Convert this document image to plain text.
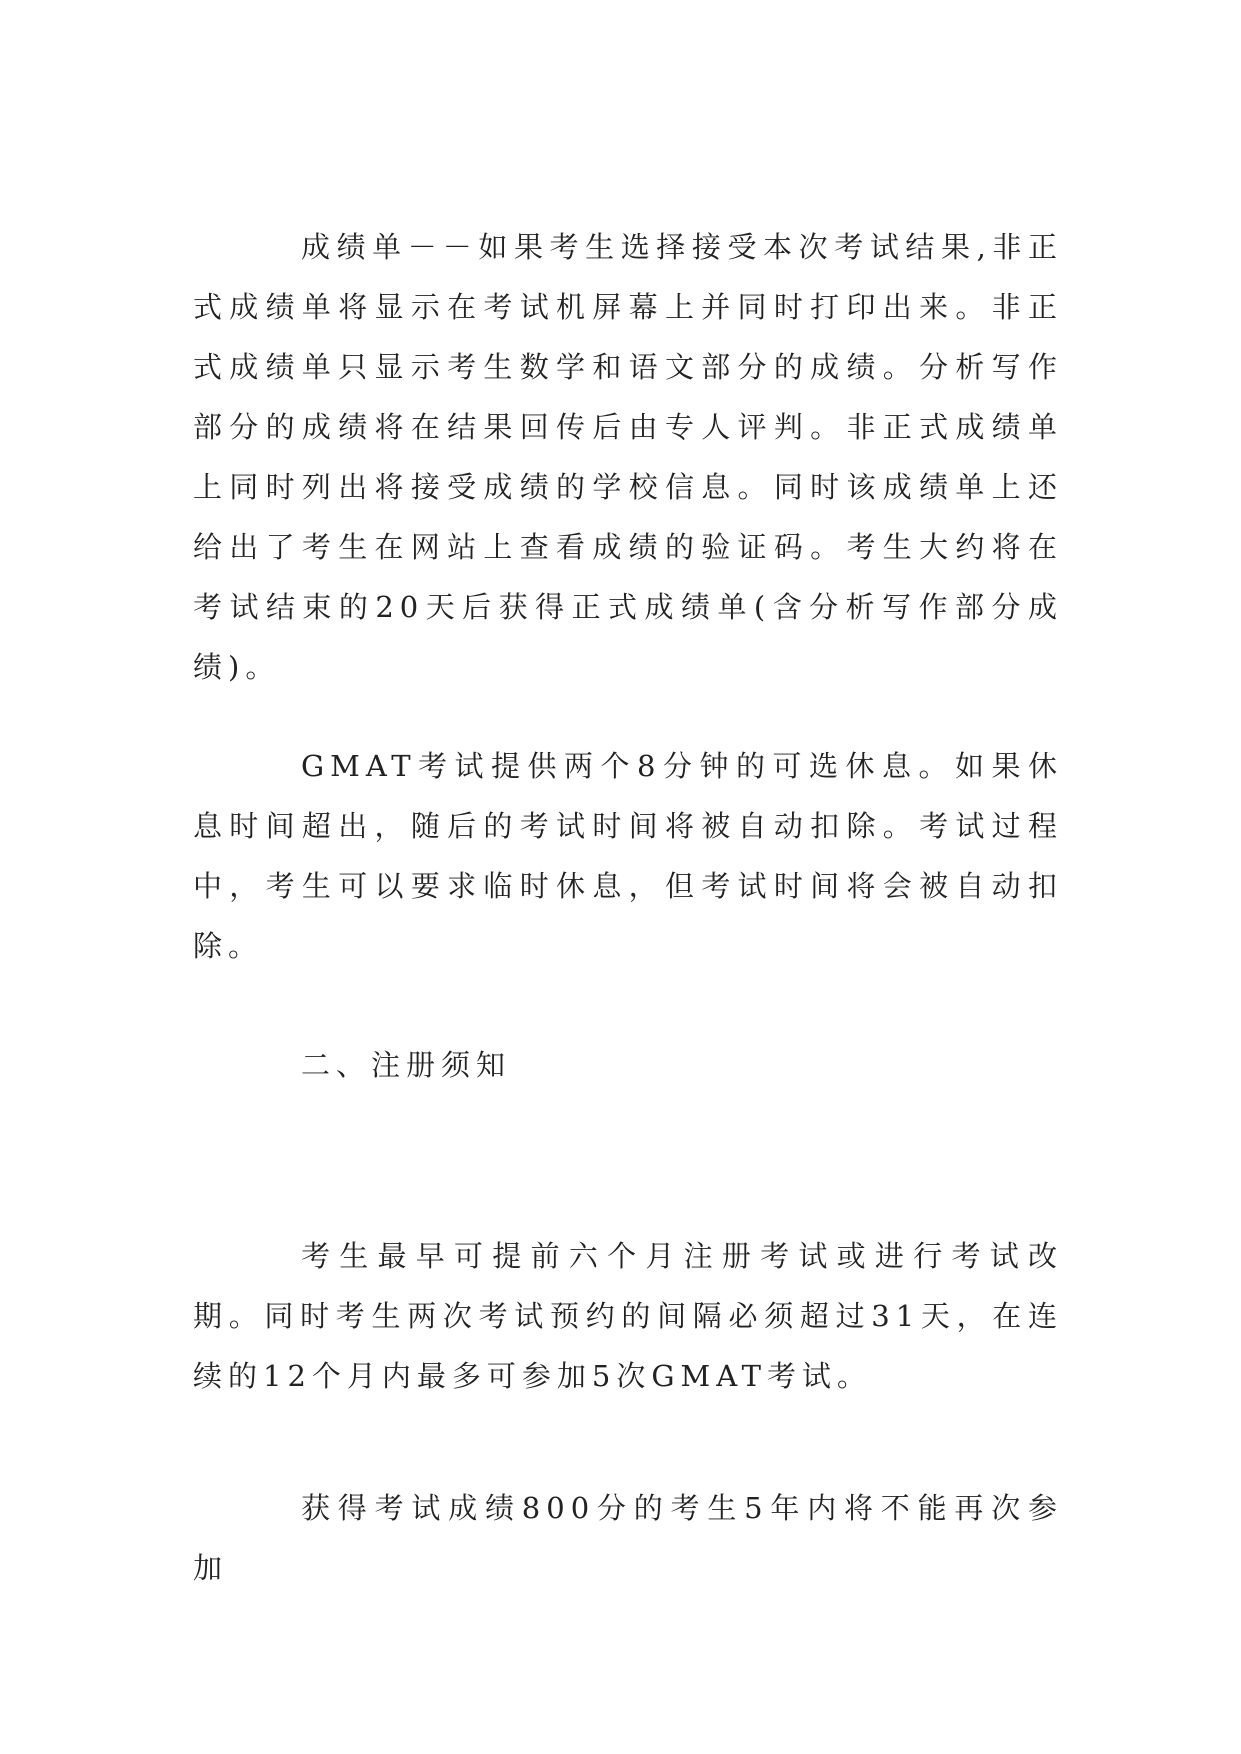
成绩单－－如果考生选择接受本次考试结果,非正式成绩单将显示在考试机屏幕上并同时打印出来。非正式成绩单只显示考生数学和语文部分的成绩。分析写作部分的成绩将在结果回传后由专人评判。非正式成绩单上同时列出将接受成绩的学校信息。同时该成绩单上还给出了考生在网站上查看成绩的验证码。考生大约将在考试结束的20天后获得正式成绩单(含分析写作部分成绩)。

GMAT考试提供两个8分钟的可选休息。如果休息时间超出，随后的考试时间将被自动扣除。考试过程中，考生可以要求临时休息，但考试时间将会被自动扣除。

二、注册须知

考生最早可提前六个月注册考试或进行考试改期。同时考生两次考试预约的间隔必须超过31天，在连续的12个月内最多可参加5次GMAT考试。

获得考试成绩800分的考生5年内将不能再次参加
